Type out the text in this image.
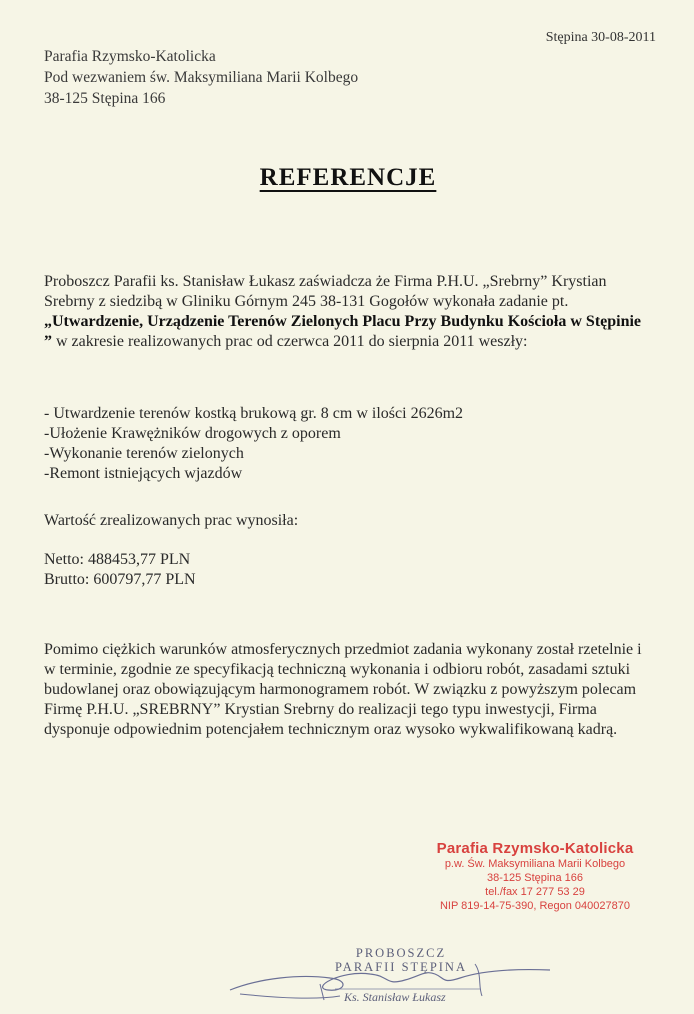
Stępina 30-08-2011
Parafia Rzymsko-Katolicka
Pod wezwaniem św. Maksymiliana Marii Kolbego
38-125 Stępina 166
REFERENCJE
Proboszcz Parafii ks. Stanisław Łukasz zaświadcza że Firma P.H.U. „Srebrny” Krystian Srebrny z siedzibą w Gliniku Górnym 245 38-131 Gogołów wykonała zadanie pt. „Utwardzenie, Urządzenie Terenów Zielonych Placu Przy Budynku Kościoła w Stępinie ” w zakresie realizowanych prac od czerwca 2011 do sierpnia 2011 weszły:
- Utwardzenie terenów kostką brukową gr. 8 cm w ilości 2626m2
-Ułożenie Krawężników drogowych z oporem
-Wykonanie terenów zielonych
-Remont istniejących wjazdów
Wartość zrealizowanych prac wynosiła:
Netto: 488453,77 PLN
Brutto: 600797,77 PLN
Pomimo ciężkich warunków atmosferycznych przedmiot zadania wykonany został rzetelnie i w terminie, zgodnie ze specyfikacją techniczną wykonania i odbioru robót, zasadami sztuki budowlanej oraz obowiązującym harmonogramem robót. W związku z powyższym polecam Firmę P.H.U. „SREBRNY” Krystian Srebrny do realizacji tego typu inwestycji, Firma dysponuje odpowiednim potencjałem technicznym oraz wysoko wykwalifikowaną kadrą.
Parafia Rzymsko-Katolicka
p.w. Św. Maksymiliana Marii Kolbego
38-125 Stępina 166
tel./fax 17 277 53 29
NIP 819-14-75-390, Regon 040027870
PROBOSZCZ
PARAFII STĘPINA
Ks. Stanisław Łukasz
